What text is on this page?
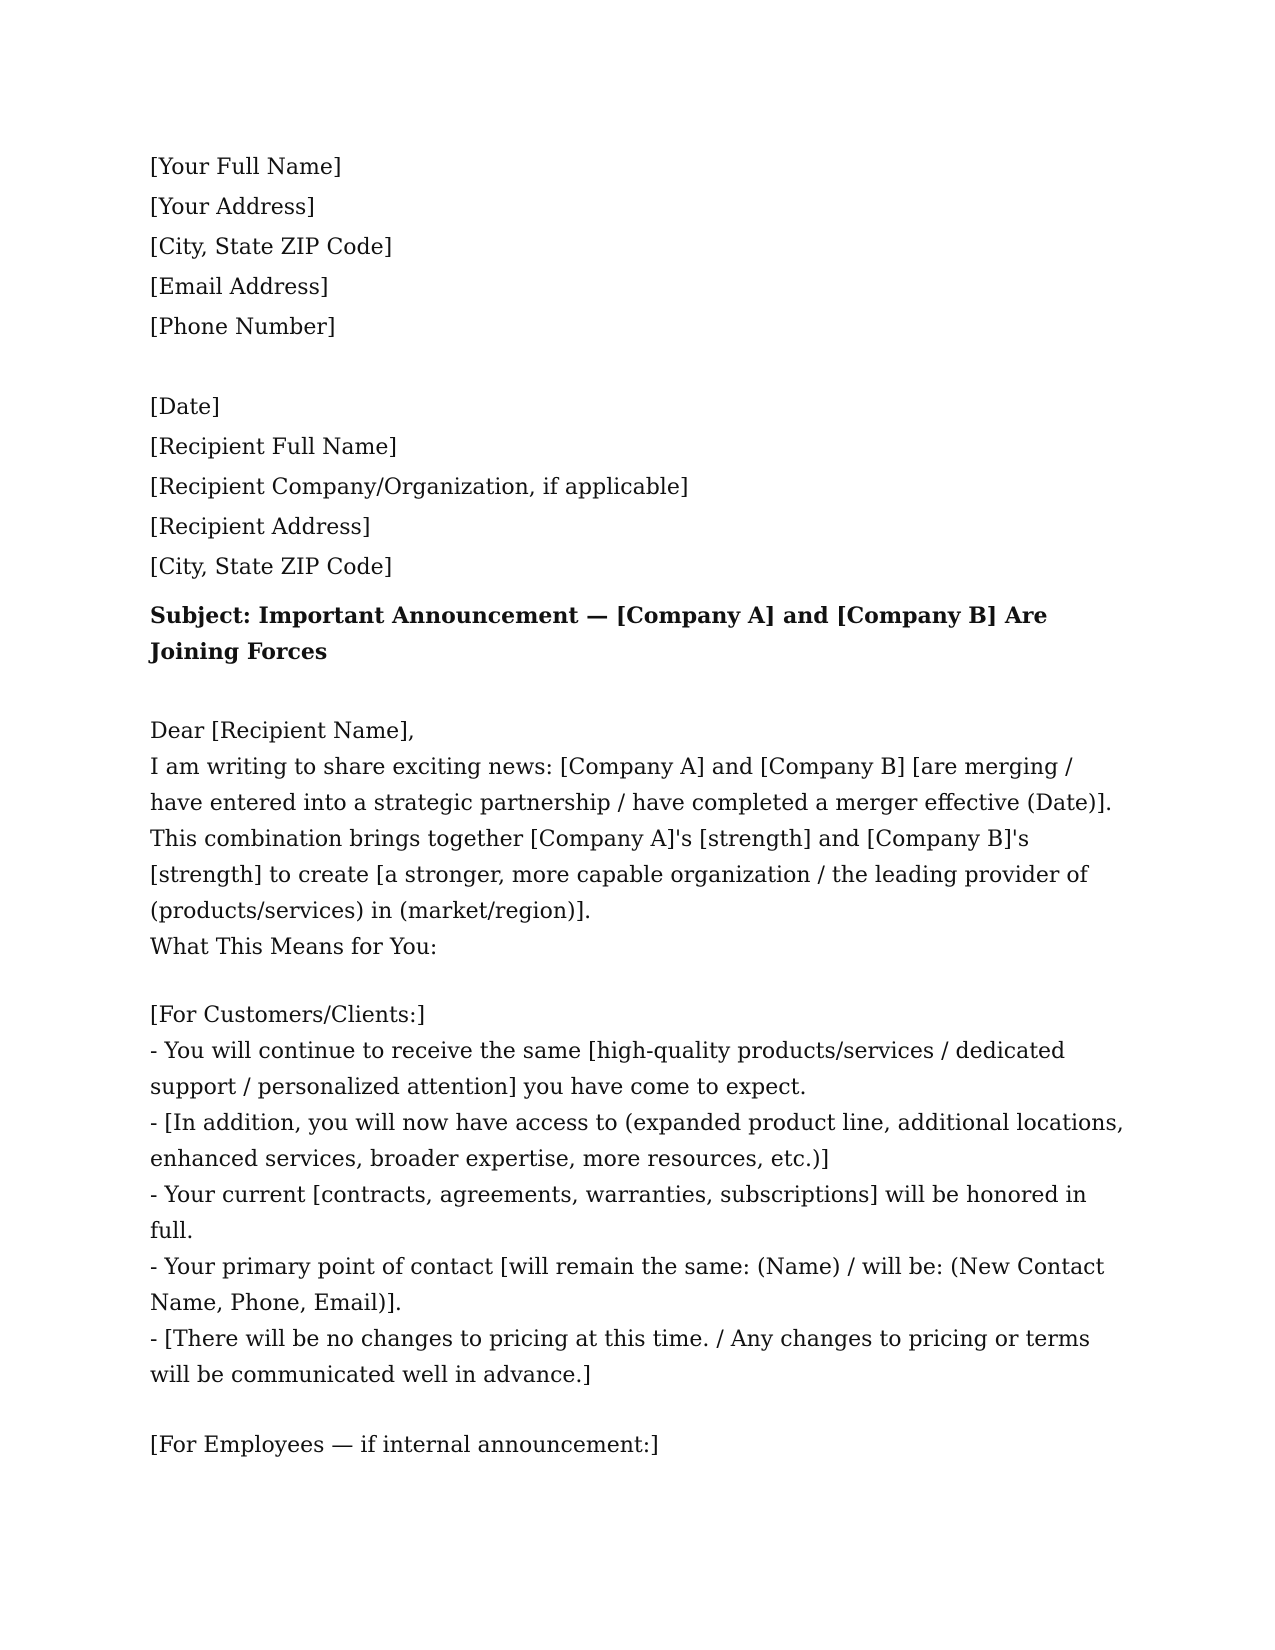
[Your Full Name]
[Your Address]
[City, State ZIP Code]
[Email Address]
[Phone Number]
[Date]
[Recipient Full Name]
[Recipient Company/Organization, if applicable]
[Recipient Address]
[City, State ZIP Code]
Subject: Important Announcement — [Company A] and [Company B] Are Joining Forces
Dear [Recipient Name],
I am writing to share exciting news: [Company A] and [Company B] [are merging / have entered into a strategic partnership / have completed a merger effective (Date)]. This combination brings together [Company A]'s [strength] and [Company B]'s [strength] to create [a stronger, more capable organization / the leading provider of (products/services) in (market/region)].
What This Means for You:
[For Customers/Clients:]
- You will continue to receive the same [high-quality products/services / dedicated support / personalized attention] you have come to expect.
- [In addition, you will now have access to (expanded product line, additional locations, enhanced services, broader expertise, more resources, etc.)]
- Your current [contracts, agreements, warranties, subscriptions] will be honored in full.
- Your primary point of contact [will remain the same: (Name) / will be: (New Contact Name, Phone, Email)].
- [There will be no changes to pricing at this time. / Any changes to pricing or terms will be communicated well in advance.]
[For Employees — if internal announcement:]
